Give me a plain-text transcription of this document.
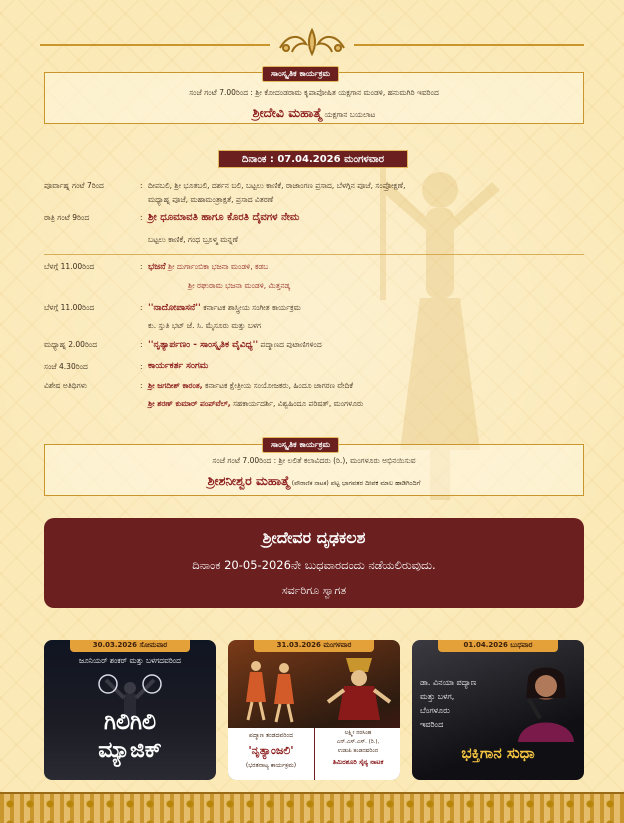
ಸಾಂಸ್ಕೃತಿಕ ಕಾರ್ಯಕ್ರಮ
ಸಂಜೆ ಗಂಟೆ 7.00ರಿಂದ : ಶ್ರೀ ಕೋದಂಡರಾಮ ಕೃಪಾಪೋಷಿತ ಯಕ್ಷಗಾನ ಮಂಡಳಿ, ಹನುಮಗಿರಿ ಇವರಿಂದ
ಶ್ರೀದೇವಿ ಮಹಾತ್ಮೆ ಯಕ್ಷಗಾನ ಬಯಲಾಟ
ದಿನಾಂಕ : 07.04.2026 ಮಂಗಳವಾರ
ಪೂರ್ವಾಹ್ನ ಗಂಟೆ 7ರಿಂದ	: ದೀಪಬಲಿ, ಶ್ರೀ ಭೂತಬಲಿ, ದರ್ಶನ ಬಲಿ, ಬಟ್ಟಲು ಕಾಣಿಕೆ, ರಾಜಾಂಗಣ ಪ್ರಸಾದ, ಬೆಳಗ್ಗಿನ ಪೂಜೆ, ಸಂಪ್ರೋಕ್ಷಣೆ,
ಮಧ್ಯಾಹ್ನ ಪೂಜೆ, ಮಹಾಮಂತ್ರಾಕ್ಷತೆ, ಪ್ರಸಾದ ವಿತರಣೆ
ರಾತ್ರಿ ಗಂಟೆ 9ರಿಂದ	: ಶ್ರೀ ಧೂಮಾವತಿ ಹಾಗೂ ಕೊರತಿ ದೈವಗಳ ನೇಮ
ಬಟ್ಟಲು ಕಾಣಿಕೆ, ಗಂಧ ಬ್ರೂಳ್ಮ ಮನ್ನಣೆ
ಬೆಳಗ್ಗೆ 11.00ರಿಂದ	: ಭಜನೆ ಶ್ರೀ ದುರ್ಗಾಂಬಿಕಾ ಭಜನಾ ಮಂಡಳಿ, ಕಡಬ
ಶ್ರೀ ರಘುರಾಮ ಭಜನಾ ಮಂಡಳಿ, ಮಿತ್ತನಡ್ಕ
ಬೆಳಗ್ಗೆ 11.00ರಿಂದ	: ''ನಾದೋಪಾಸನೆ'' ಕರ್ನಾಟಕ ಶಾಸ್ತ್ರೀಯ ಸಂಗೀತ ಕಾರ್ಯಕ್ರಮ
ಕು. ಸ್ತುತಿ ಭಟ್ ಜೆ. ಸಿ. ಮೈಸೂರು ಮತ್ತು ಬಳಗ
ಮಧ್ಯಾಹ್ನ 2.00ರಿಂದ	: ''ನೃತ್ಯಾರ್ಪಣಂ - ಸಾಂಸ್ಕೃತಿಕ ವೈವಿಧ್ಯ'' ಪದ್ಮಾಣದ ಪುಟಾಣಿಗಳಿಂದ
ಸಂಜೆ 4.30ರಿಂದ	: ಕಾರ್ಯಕರ್ತ ಸಂಗಮ
ವಿಶೇಷ ಅತಿಥಿಗಳು	: ಶ್ರೀ ಜಗದೀಶ್ ಕಾರಂತ, ಕರ್ನಾಟಕ ಕ್ಷೇತ್ರೀಯ ಸಂಯೋಜಕರು, ಹಿಂದೂ ಜಾಗರಣ ವೇದಿಕೆ
ಶ್ರೀ ಶರಣ್ ಕುಮಾರ್ ಪಂಪ್‌ವೆಲ್, ಸಹಕಾರ್ಯದರ್ಶಿ, ವಿಶ್ವಹಿಂದೂ ಪರಿಷತ್, ಮಂಗಳೂರು
ಸಾಂಸ್ಕೃತಿಕ ಕಾರ್ಯಕ್ರಮ
ಸಂಜೆ ಗಂಟೆ 7.00ರಿಂದ : ಶ್ರೀ ಲಲಿತೆ ಕಲಾವಿದರು (ರಿ.), ಮಂಗಳೂರು ಅಭಿನಯಿಸುವ
ಶ್ರೀಶನೀಶ್ವರ ಮಹಾತ್ಮೆ (ಪೌರಾಣಿಕ ನಾಟಕ) ಪಟ್ಟ ಭಾಗವತರ ದೀಪಕ ಮಾಲ ಹಾಡಿಗಿಂದಿಗೆ
ಶ್ರೀದೇವರ ದೃಢಕಲಶ
ದಿನಾಂಕ 20-05-2026ನೇ ಬುಧವಾರದಂದು ನಡೆಯಲಿರುವುದು.
ಸರ್ವರಿಗೂ ಸ್ವಾಗತ
30.03.2026 ಸೋಮವಾರ
ಜೂನಿಯರ್ ಶಂಕರ್ ಮತ್ತು ಬಳಗದವರಿಂದ
ಗಿಲಿಗಿಲಿ
ಮ್ಯಾಜಿಕ್
31.03.2026 ಮಂಗಳವಾರ
ಪದ್ಮಾಣ ತಂಡದವರಿಂದ
'ನೃತ್ಯಾಂಜಲಿ'
(ಭರತನಾಟ್ಯ ಕಾರ್ಯಕ್ರಮ)
ಲಕ್ಷ್ಮೀ ನರಸಿಂಹ
ಎನ್.ಎಸ್.ಎಸ್. (ರಿ.),
ಉಡುಪಿ ತಂಡದವರಿಂದ
ತಿಮಿರಶೂರಿ ಸೈನ್ಯ ನಾಟಕ
01.04.2026 ಬುಧವಾರ
ಡಾ. ವಿನಯಾ ಪದ್ಯಾಣ
ಮತ್ತು ಬಳಗ,
ಬೆಂಗಳೂರು
ಇವರಿಂದ
ಭಕ್ತಿಗಾನ ಸುಧಾ
